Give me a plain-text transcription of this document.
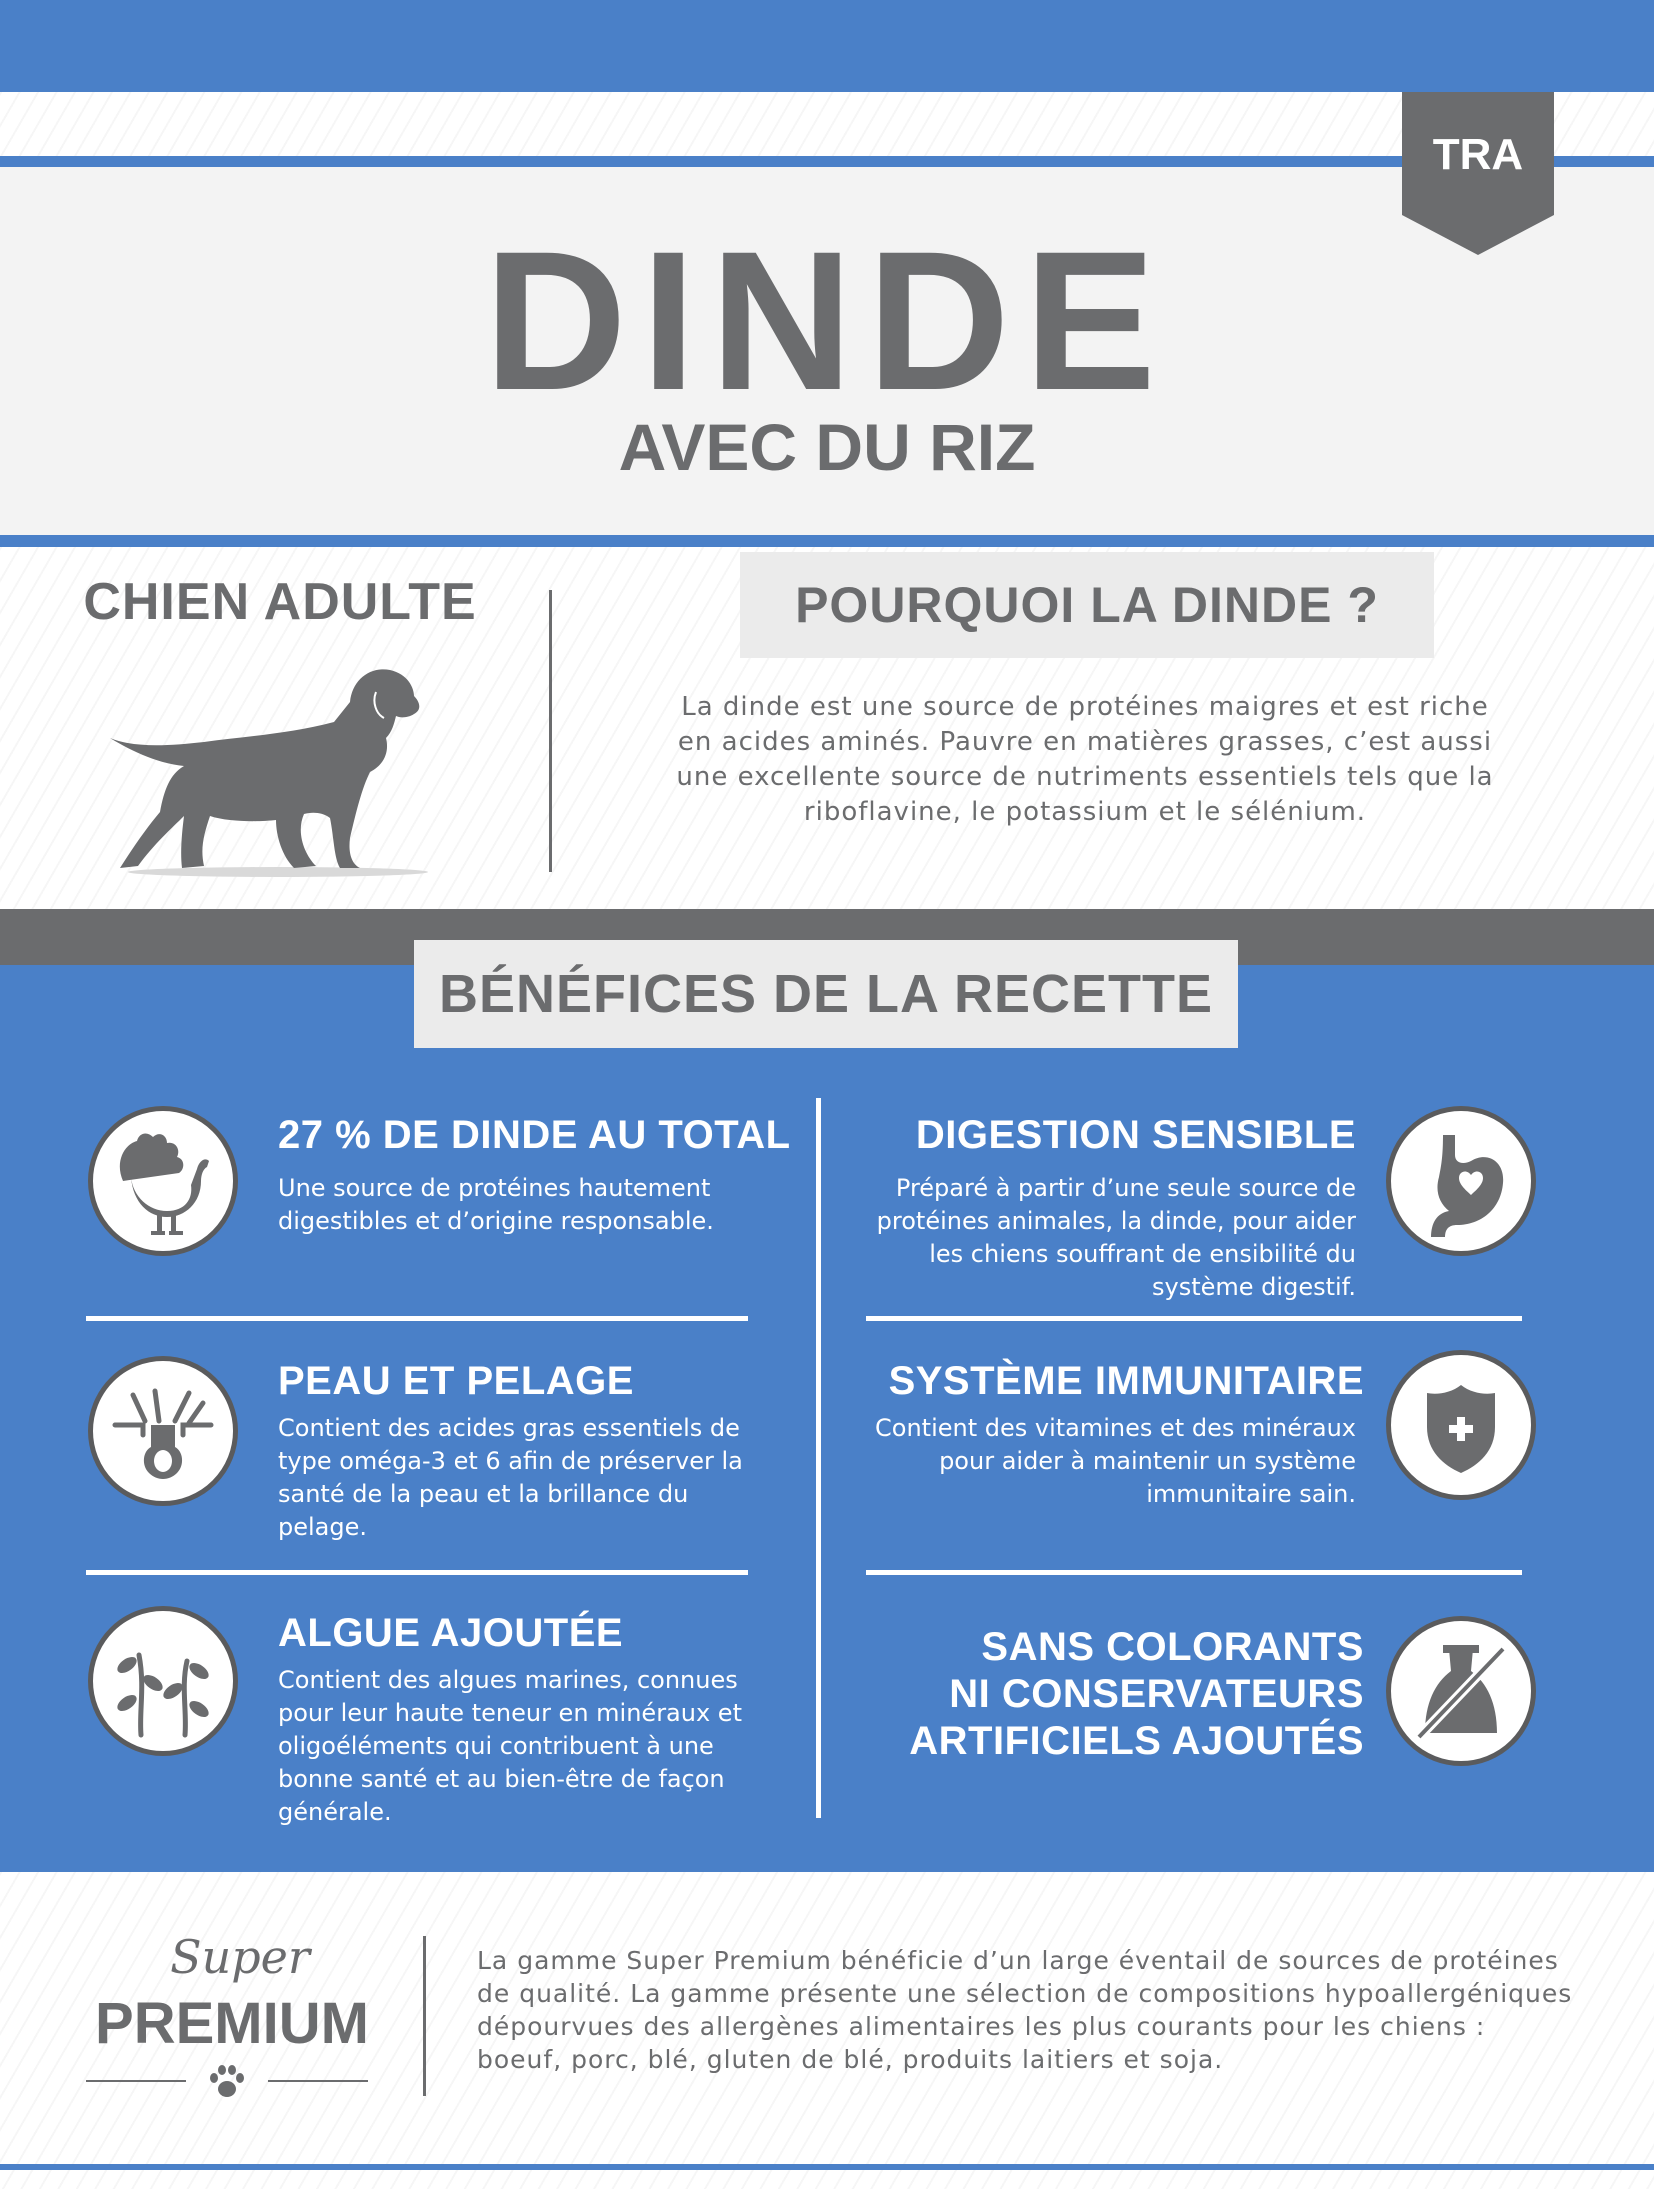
TRA
DINDE
AVEC DU RIZ
CHIEN ADULTE	POURQUOI LA DINDE ?
La dinde est une source de protéines maigres et est riche en acides aminés. Pauvre en matières grasses, c’est aussi une excellente source de nutriments essentiels tels que la riboflavine, le potassium et le sélénium.
BÉNÉFICES DE LA RECETTE
27 % DE DINDE AU TOTAL
Une source de protéines hautement digestibles et d’origine responsable.
DIGESTION SENSIBLE
Préparé à partir d’une seule source de protéines animales, la dinde, pour aider les chiens souffrant de ensibilité du système digestif.
PEAU ET PELAGE
Contient des acides gras essentiels de type oméga-3 et 6 afin de préserver la santé de la peau et la brillance du pelage.
SYSTÈME IMMUNITAIRE
Contient des vitamines et des minéraux pour aider à maintenir un système immunitaire sain.
ALGUE AJOUTÉE
Contient des algues marines, connues pour leur haute teneur en minéraux et oligoéléments qui contribuent à une bonne santé et au bien-être de façon générale.
SANS COLORANTS
NI CONSERVATEURS
ARTIFICIELS AJOUTÉS
Super
PREMIUM
La gamme Super Premium bénéficie d’un large éventail de sources de protéines de qualité. La gamme présente une sélection de compositions hypoallergéniques dépourvues des allergènes alimentaires les plus courants pour les chiens : boeuf, porc, blé, gluten de blé, produits laitiers et soja.
